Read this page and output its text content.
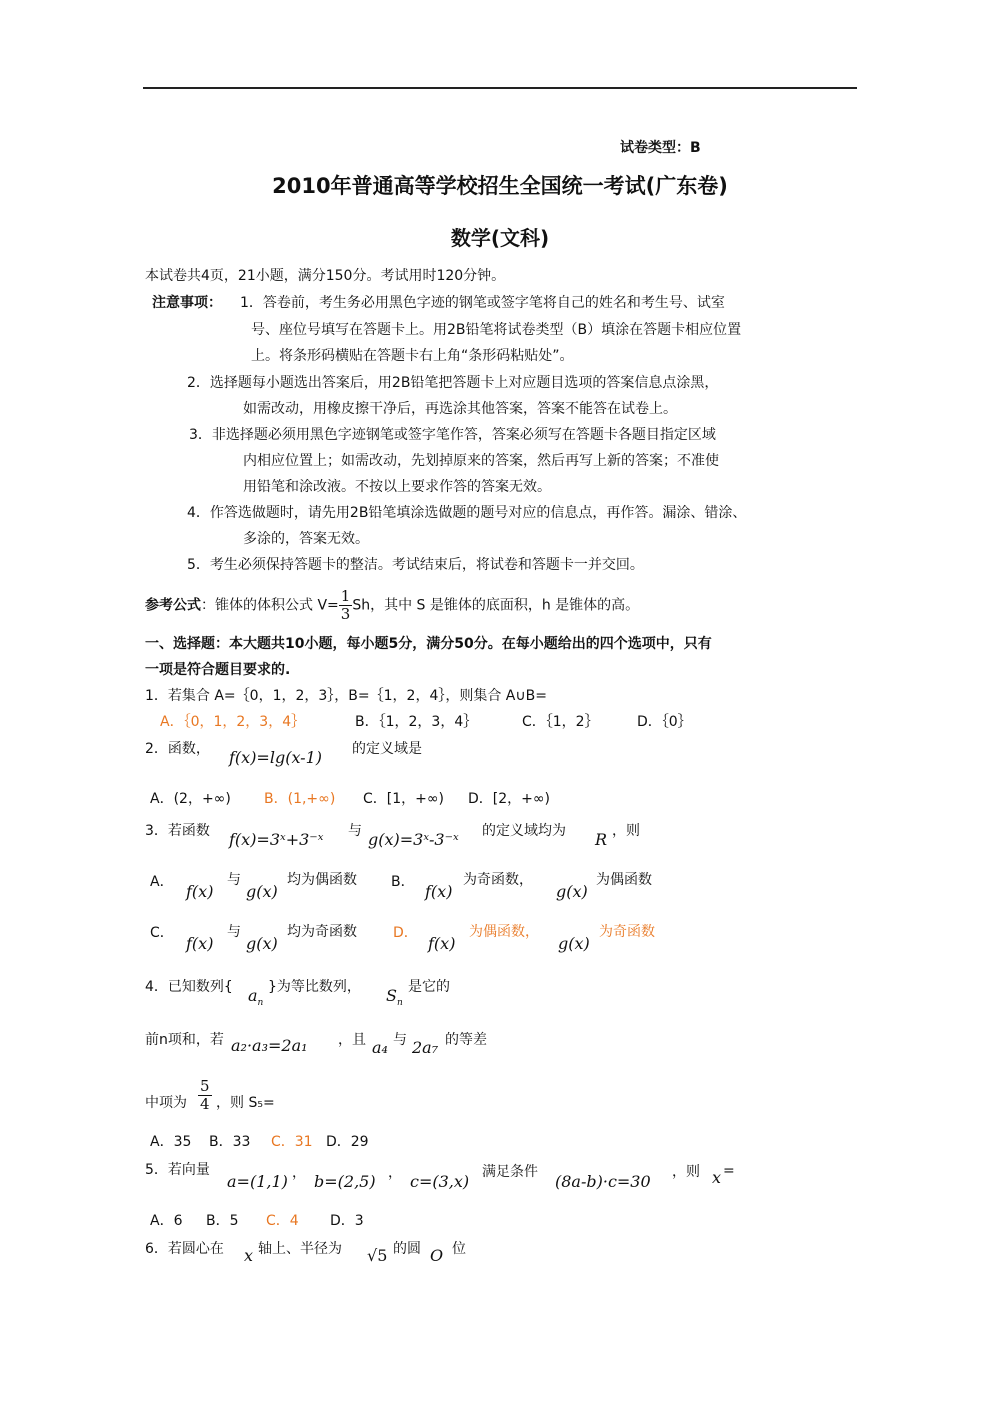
试卷类型：B
2010年普通高等学校招生全国统一考试(广东卷)
数学(文科)
本试卷共4页，21小题，满分150分。考试用时120分钟。
注意事项： 1．答卷前，考生务必用黑色字迹的钢笔或签字笔将自己的姓名和考生号、试室
号、座位号填写在答题卡上。用2B铅笔将试卷类型（B）填涂在答题卡相应位置
上。将条形码横贴在答题卡右上角“条形码粘贴处”。
2．选择题每小题选出答案后，用2B铅笔把答题卡上对应题目选项的答案信息点涂黑，
如需改动，用橡皮擦干净后，再选涂其他答案，答案不能答在试卷上。
3．非选择题必须用黑色字迹钢笔或签字笔作答，答案必须写在答题卡各题目指定区域
内相应位置上；如需改动，先划掉原来的答案，然后再写上新的答案；不准使
用铅笔和涂改液。不按以上要求作答的答案无效。
4．作答选做题时，请先用2B铅笔填涂选做题的题号对应的信息点，再作答。漏涂、错涂、
多涂的，答案无效。
5．考生必须保持答题卡的整洁。考试结束后，将试卷和答题卡一并交回。
参考公式：锥体的体积公式 $V= \frac{1}{3}$ Sh，其中 S 是锥体的底面积，h 是锥体的高。
一、选择题：本大题共10小题，每小题5分，满分50分。在每小题给出的四个选项中，只有
一项是符合题目要求的.
1．若集合 A=｛0，1，2，3｝，B=｛1，2，4｝，则集合 A∪B=
A．｛0，1，2，3，4｝	B．｛1，2，3，4｝	C．｛1，2｝	D．｛0｝
2．函数， f(x)=lg(x-1) 的定义域是
A．(2，+∞) B．(1,+∞) C．[1，+∞) D．[2，+∞)
3．若函数 f(x)=3ˣ+3⁻ˣ 与 g(x)=3ˣ-3⁻ˣ 的定义域均为 R ，则
A． f(x)
与
g(x)
均为偶函数 B． f(x)
为奇函数，
g(x)
为偶函数
C．
f(x)
与
g(x)
均为奇函数	D．
f(x)
为偶函数，
g(x)
为奇函数
4．已知数列{ $a_n$
}为等比数列， $S_n$
是它的
前n项和，若 a₂·a₃=2a₁ ，且 a₄ 与 2a₇ 的等差
中项为 $\frac{5}{4}$ ，则 S₅=
A．35 B．33 C．31 D．29
5．若向量
a=(1,1) ， b=(2,5) ， c=(3,x) 满足条件 (8a-b)·c=30 ，则 x =
A．6 B．5 C．4 D．3
6．若圆心在 x 轴上、半径为 √5 的圆 O 位
